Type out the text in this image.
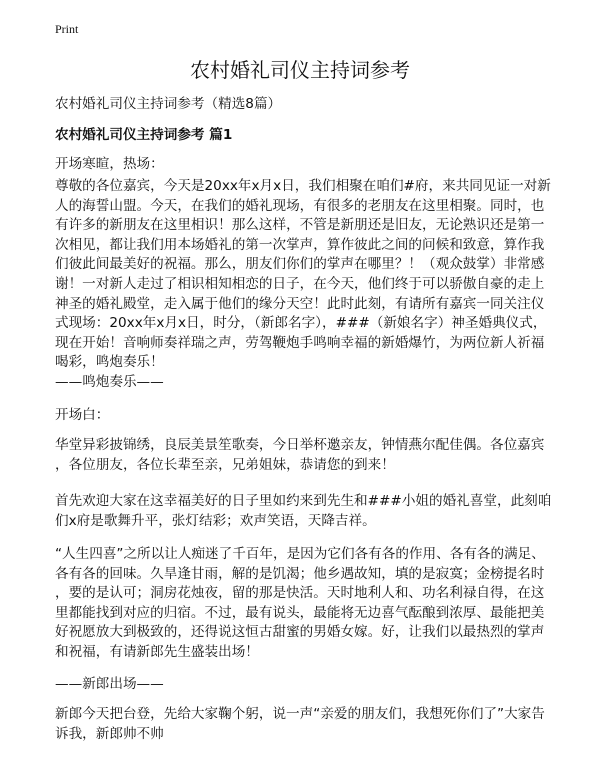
Print
农村婚礼司仪主持词参考
农村婚礼司仪主持词参考（精选8篇）
农村婚礼司仪主持词参考 篇1
开场寒暄，热场：
尊敬的各位嘉宾，今天是20xx年x月x日，我们相聚在咱们#府，来共同见证一对新
人的海誓山盟。今天，在我们的婚礼现场，有很多的老朋友在这里相聚。同时，也
有许多的新朋友在这里相识！那么这样，不管是新朋还是旧友，无论熟识还是第一
次相见，都让我们用本场婚礼的第一次掌声，算作彼此之间的问候和致意，算作我
们彼此间最美好的祝福。那么，朋友们你们的掌声在哪里？！（观众鼓掌）非常感
谢！一对新人走过了相识相知相恋的日子，在今天，他们终于可以骄傲自豪的走上
神圣的婚礼殿堂，走入属于他们的缘分天空！此时此刻，有请所有嘉宾一同关注仪
式现场：20xx年x月x日，时分，（新郎名字），###（新娘名字）神圣婚典仪式，
现在开始！音响师奏祥瑞之声，劳驾鞭炮手鸣响幸福的新婚爆竹，为两位新人祈福
喝彩，鸣炮奏乐！
——鸣炮奏乐——
开场白：
华堂异彩披锦绣，良辰美景笙歌奏，今日举杯邀亲友，钟情燕尔配佳偶。各位嘉宾
，各位朋友，各位长辈至亲，兄弟姐妹，恭请您的到来！
首先欢迎大家在这幸福美好的日子里如约来到先生和###小姐的婚礼喜堂，此刻咱
们x府是歌舞升平，张灯结彩；欢声笑语，天降吉祥。
“人生四喜”之所以让人痴迷了千百年，是因为它们各有各的作用、各有各的满足、
各有各的回味。久旱逢甘雨，解的是饥渴；他乡遇故知，填的是寂寞；金榜提名时
，要的是认可；洞房花烛夜，留的那是快活。天时地利人和、功名利禄自得，在这
里都能找到对应的归宿。不过，最有说头，最能将无边喜气酝酿到浓厚、最能把美
好祝愿放大到极致的，还得说这恒古甜蜜的男婚女嫁。好，让我们以最热烈的掌声
和祝福，有请新郎先生盛装出场！
——新郎出场——
新郎今天把台登，先给大家鞠个躬，说一声“亲爱的朋友们，我想死你们了”大家告
诉我，新郎帅不帅
